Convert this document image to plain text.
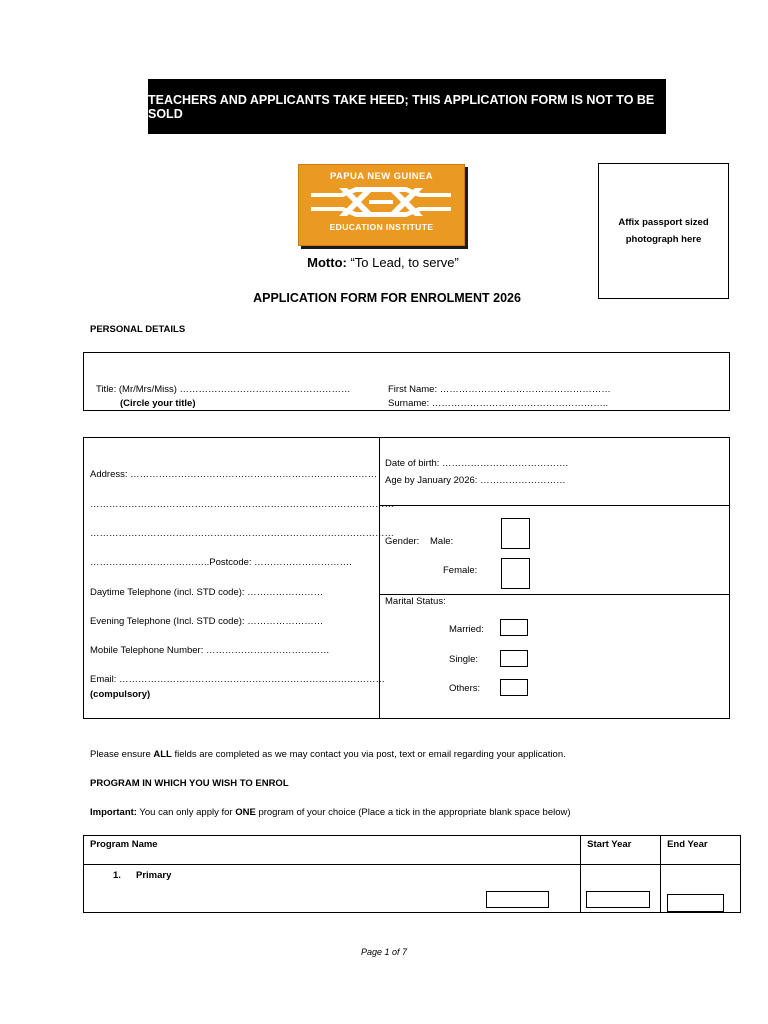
TEACHERS AND APPLICANTS TAKE HEED; THIS APPLICATION FORM IS NOT TO BE SOLD
PAPUA NEW GUINEA
EDUCATION INSTITUTE
Motto: “To Lead, to serve”
Affix passport sized photograph here
APPLICATION FORM FOR ENROLMENT 2026
PERSONAL DETAILS
Title: (Mr/Mrs/Miss) ………………………………………………
(Circle your title)
First Name: ………………………………………………
Surname: ………………………………………………..
Address: ……………………………………………………………………
……………………………………………………………………………………
……………………………………………………………………………………
………………………………..Postcode: ………………………….
Daytime Telephone (incl. STD code): ……………………
Evening Telephone (Incl. STD code): ……………………
Mobile Telephone Number: …………………………………
Email: …………………………………………………………………………
(compulsory)
Date of birth: ………………………………….
Age by January 2026: ………………………
Gender: Male:
Female:
Marital Status:
Married:
Single:
Others:
Please ensure ALL fields are completed as we may contact you via post, text or email regarding your application.
PROGRAM IN WHICH YOU WISH TO ENROL
Important: You can only apply for ONE program of your choice (Place a tick in the appropriate blank space below)
Program Name	Start Year	End Year

1. Primary		

Page 1 of 7
